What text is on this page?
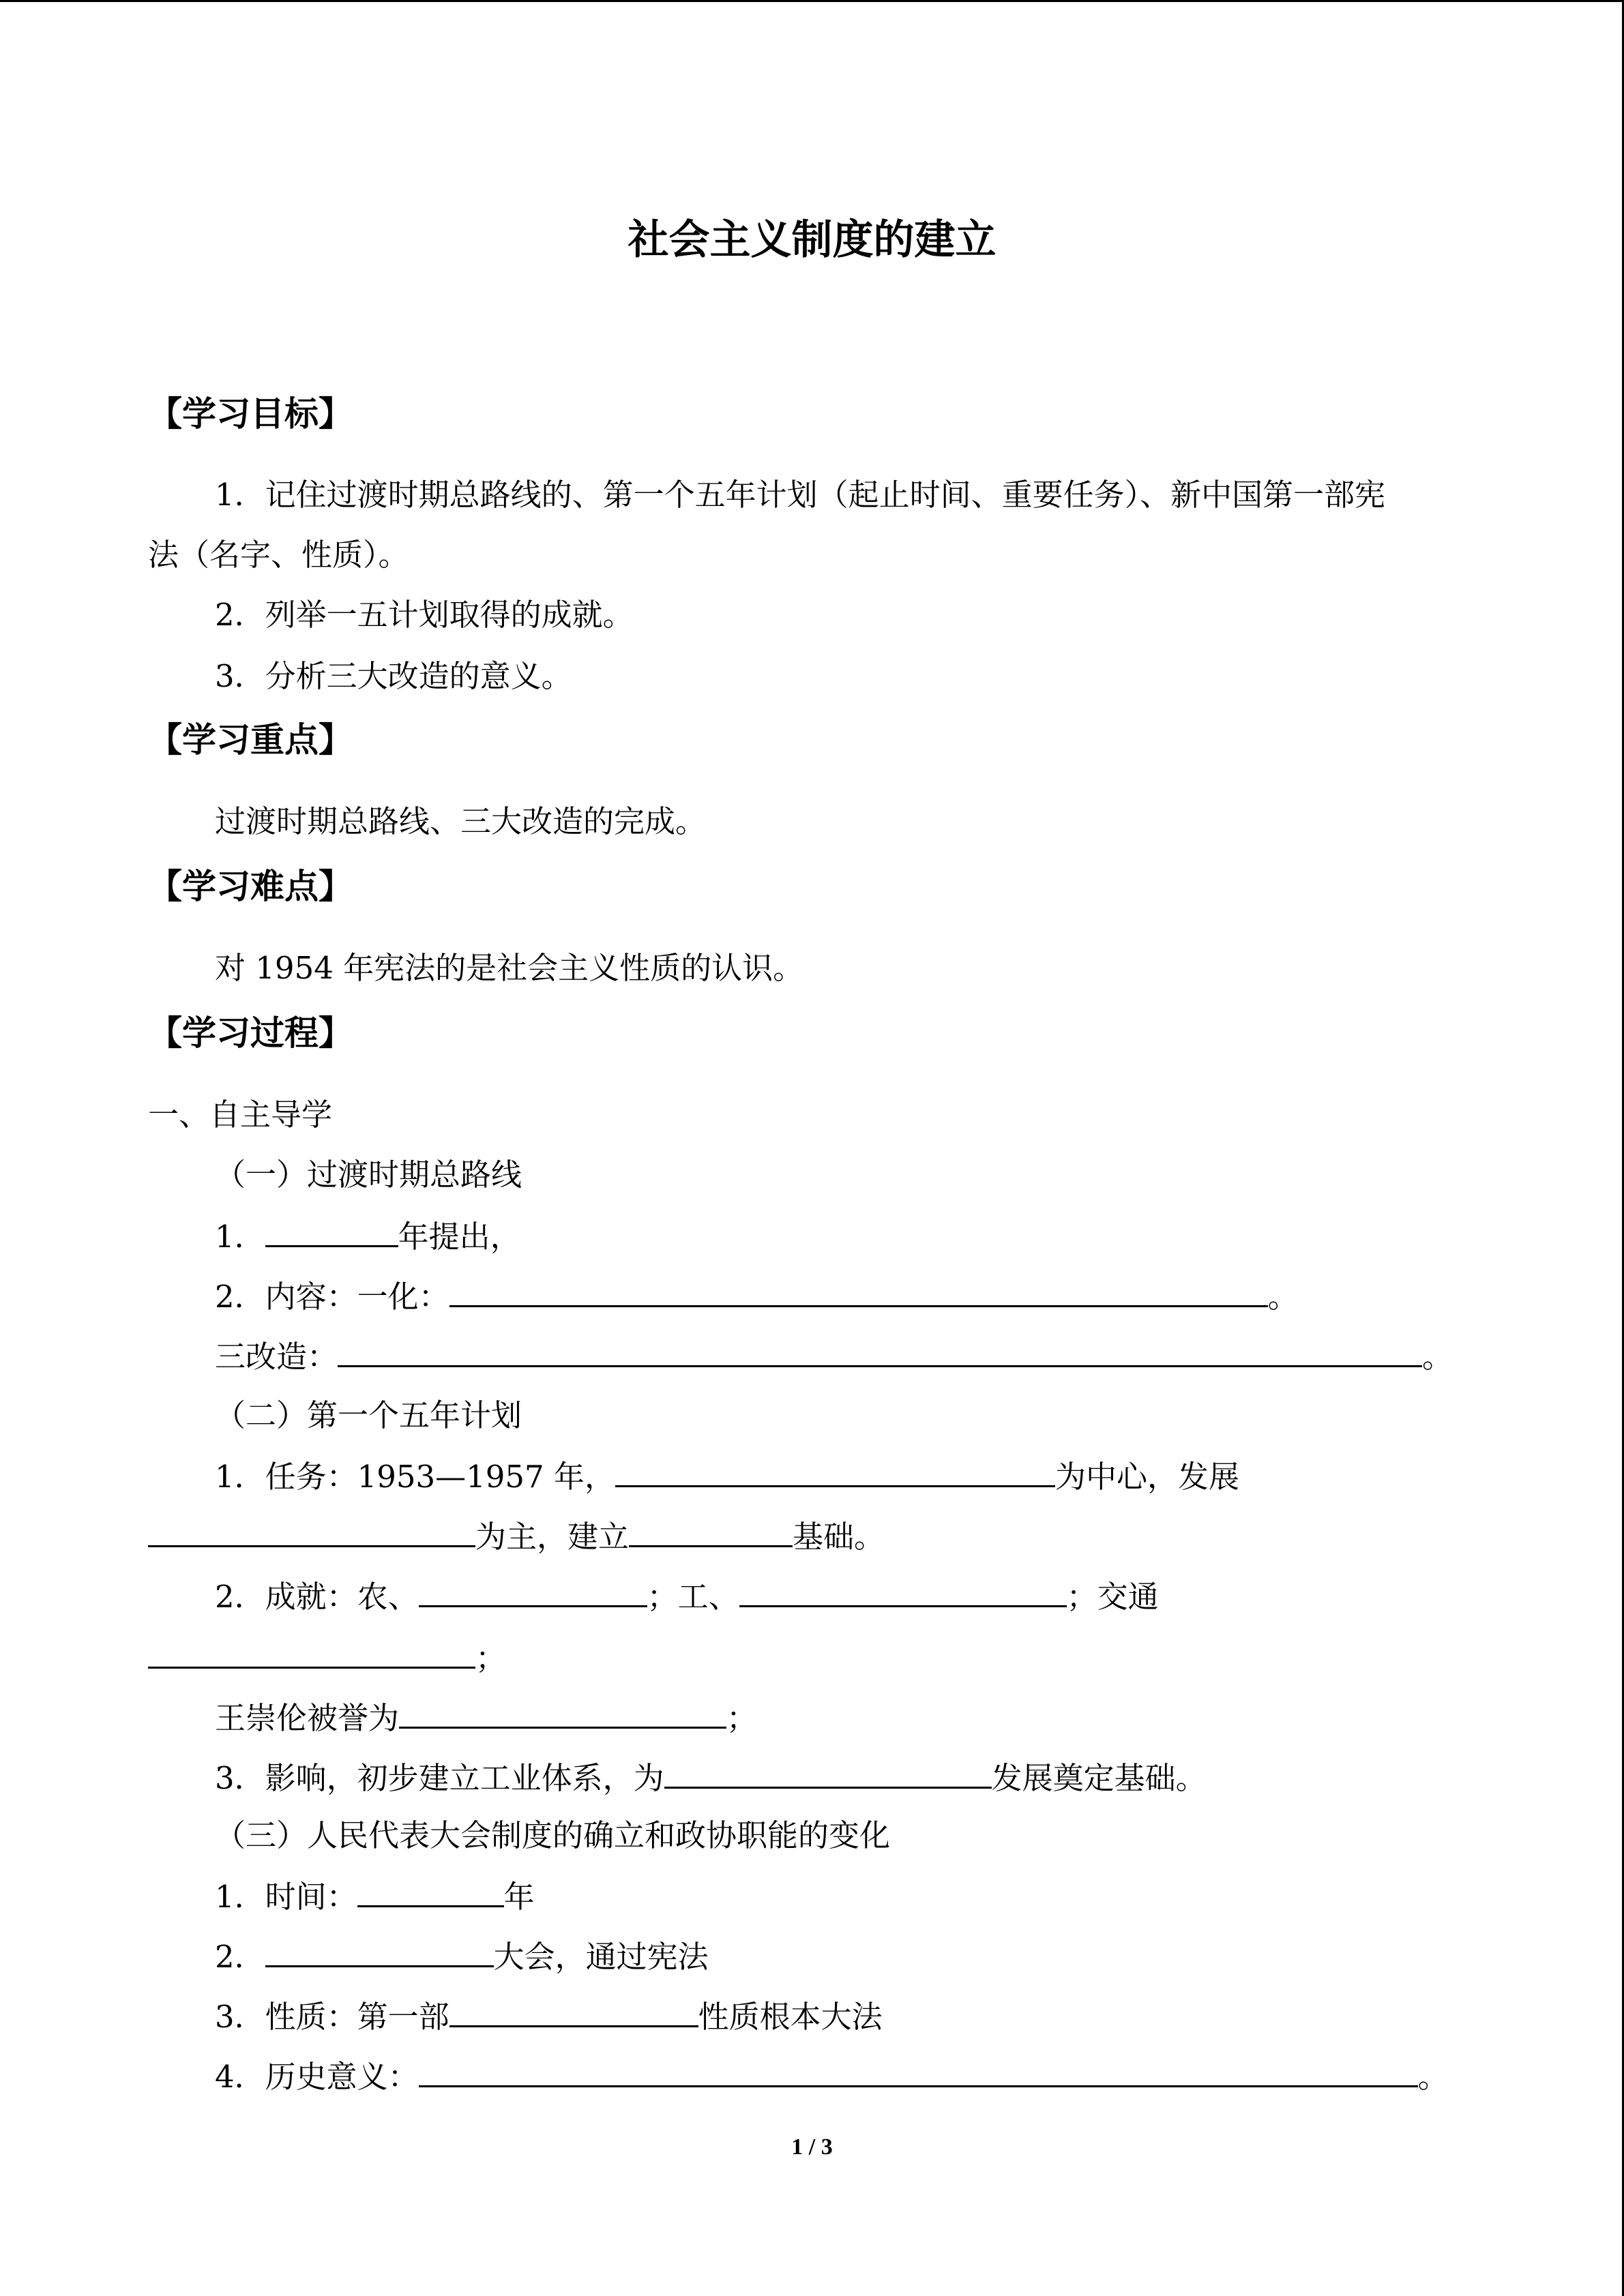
社会主义制度的建立
【学习目标】
1．记住过渡时期总路线的、第一个五年计划（起止时间、重要任务）、新中国第一部宪
法（名字、性质）。
2．列举一五计划取得的成就。
3．分析三大改造的意义。
【学习重点】
过渡时期总路线、三大改造的完成。
【学习难点】
对 1954 年宪法的是社会主义性质的认识。
【学习过程】
一、自主导学
（一）过渡时期总路线
1．	年提出，
2．内容：一化：	。
三改造：	。
（二）第一个五年计划
1．任务：1953—1957 年，	为中心，发展
为主，建立	基础。
2．成就：农、	；工、	；交通
；
王崇伦被誉为	；
3．影响，初步建立工业体系，为	发展奠定基础。
（三）人民代表大会制度的确立和政协职能的变化
1．时间：	年
2．	大会，通过宪法
3．性质：第一部	性质根本大法
4．历史意义：	。
1 / 3
